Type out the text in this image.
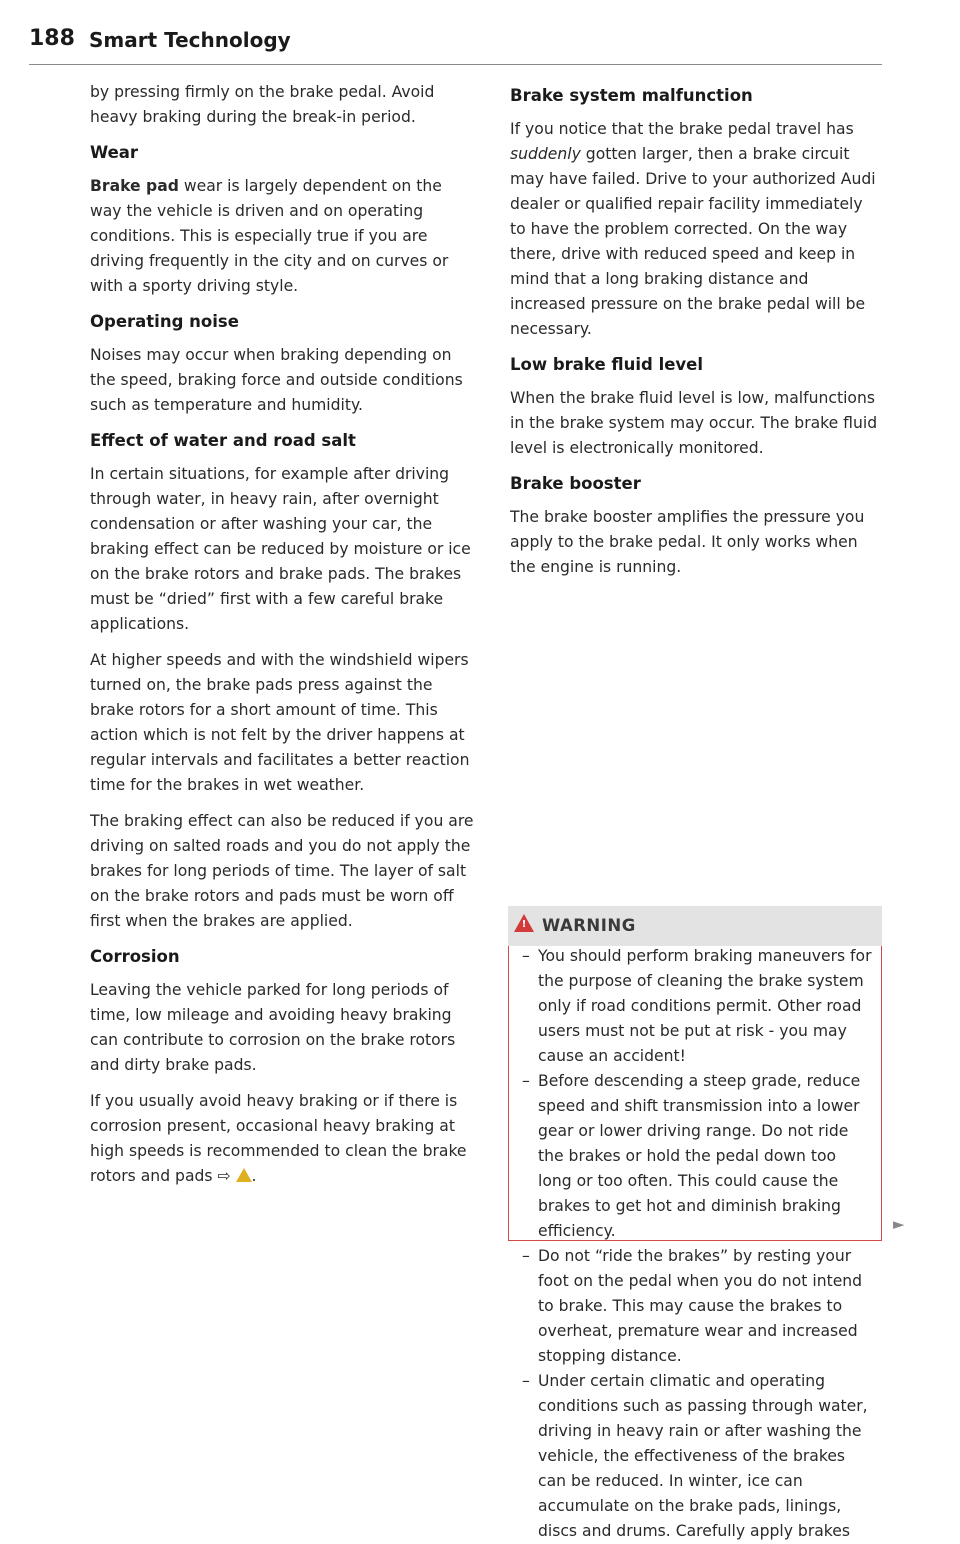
188 Smart Technology

by pressing firmly on the brake pedal. Avoid heavy braking during the break-in period.

Wear

Brake pad wear is largely dependent on the way the vehicle is driven and on operating conditions. This is especially true if you are driving frequently in the city and on curves or with a sporty driving style.

Operating noise

Noises may occur when braking depending on the speed, braking force and outside conditions such as temperature and humidity.

Effect of water and road salt

In certain situations, for example after driving through water, in heavy rain, after overnight condensation or after washing your car, the braking effect can be reduced by moisture or ice on the brake rotors and brake pads. The brakes must be “dried” first with a few careful brake applications.

At higher speeds and with the windshield wipers turned on, the brake pads press against the brake rotors for a short amount of time. This action which is not felt by the driver happens at regular intervals and facilitates a better reaction time for the brakes in wet weather.

The braking effect can also be reduced if you are driving on salted roads and you do not apply the brakes for long periods of time. The layer of salt on the brake rotors and pads must be worn off first when the brakes are applied.

Corrosion

Leaving the vehicle parked for long periods of time, low mileage and avoiding heavy braking can contribute to corrosion on the brake rotors and dirty brake pads.

If you usually avoid heavy braking or if there is corrosion present, occasional heavy braking at high speeds is recommended to clean the brake rotors and pads ⇨ .

Brake system malfunction

If you notice that the brake pedal travel has suddenly gotten larger, then a brake circuit may have failed. Drive to your authorized Audi dealer or qualified repair facility immediately to have the problem corrected. On the way there, drive with reduced speed and keep in mind that a long braking distance and increased pressure on the brake pedal will be necessary.

Low brake fluid level

When the brake fluid level is low, malfunctions in the brake system may occur. The brake fluid level is electronically monitored.

Brake booster

The brake booster amplifies the pressure you apply to the brake pedal. It only works when the engine is running.

! WARNING
– You should perform braking maneuvers for the purpose of cleaning the brake system only if road conditions permit. Other road users must not be put at risk - you may cause an accident!
– Before descending a steep grade, reduce speed and shift transmission into a lower gear or lower driving range. Do not ride the brakes or hold the pedal down too long or too often. This could cause the brakes to get hot and diminish braking efficiency.
– Do not “ride the brakes” by resting your foot on the pedal when you do not intend to brake. This may cause the brakes to overheat, premature wear and increased stopping distance.
– Under certain climatic and operating conditions such as passing through water, driving in heavy rain or after washing the vehicle, the effectiveness of the brakes can be reduced. In winter, ice can accumulate on the brake pads, linings, discs and drums. Carefully apply brakes
►
